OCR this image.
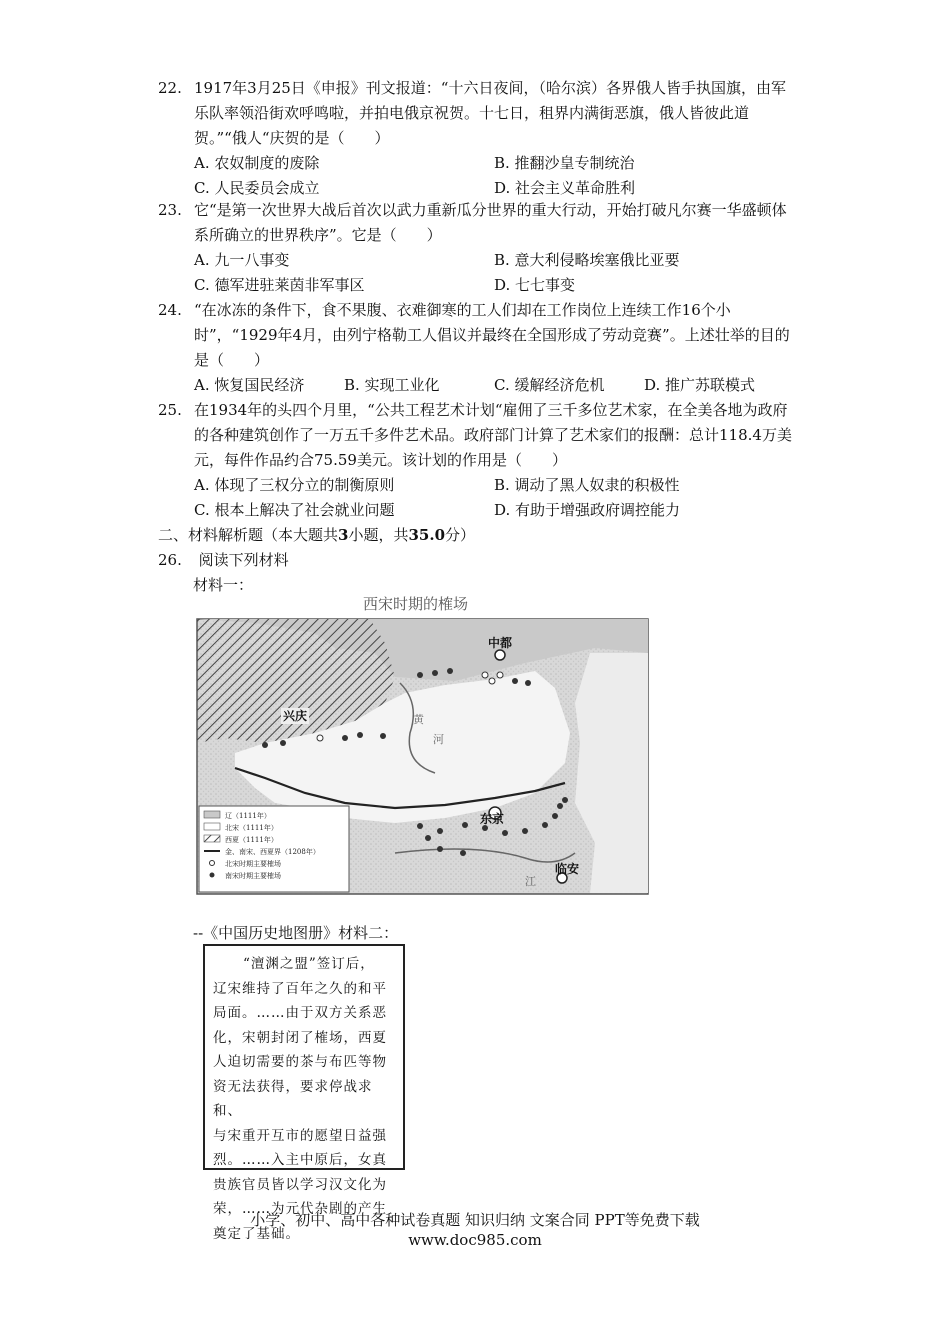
22. 1917年3月25日《申报》刊文报道：“十六日夜间，（哈尔滨）各界俄人皆手执国旗，由军乐队率领沿街欢呼鸣啦，并拍电俄京祝贺。十七日，租界内满街恶旗，俄人皆彼此道贺。”“俄人“庆贺的是（　　）
A. 农奴制度的废除	B. 推翻沙皇专制统治
C. 人民委员会成立	D. 社会主义革命胜利
23. 它“是第一次世界大战后首次以武力重新瓜分世界的重大行动，开始打破凡尔赛一华盛顿体系所确立的世界秩序”。它是（　　）
A. 九一八事变	B. 意大利侵略埃塞俄比亚要
C. 德军进驻莱茵非军事区	D. 七七事变
24. “在冰冻的条件下，食不果腹、衣难御寒的工人们却在工作岗位上连续工作16个小时”，“1929年4月，由列宁格勒工人倡议并最终在全国形成了劳动竞赛”。上述壮举的目的是（　　）
A. 恢复国民经济	B. 实现工业化	C. 缓解经济危机	D. 推广苏联模式
25. 在1934年的头四个月里，“公共工程艺术计划“雇佣了三千多位艺术家，在全美各地为政府的各种建筑创作了一万五千多件艺术品。政府部门计算了艺术家们的报酬：总计118.4万美元，每件作品约合75.59美元。该计划的作用是（　　）
A. 体现了三权分立的制衡原则	B. 调动了黑人奴隶的积极性
C. 根本上解决了社会就业问题	D. 有助于增强政府调控能力
二、材料解析题（本大题共3小题，共35.0分）
26. 阅读下列材料
材料一：
西宋时期的榷场
中都
兴庆
东京
临安
黄
河
江
辽（1111年）
北宋（1111年）
西夏（1111年）
金、南宋、西夏界（1208年）
北宋时期主要榷场
南宋时期主要榷场
--《中国历史地图册》材料二：
“澶渊之盟”签订后，
辽宋维持了百年之久的和平
局面。……由于双方关系恶
化，宋朝封闭了榷场，西夏
人迫切需要的茶与布匹等物
资无法获得，要求停战求和、
与宋重开互市的愿望日益强
烈。……入主中原后，女真
贵族官员皆以学习汉文化为
荣，……为元代杂剧的产生
奠定了基础。
小学、初中、高中各种试卷真题 知识归纳 文案合同 PPT等免费下载
www.doc985.com
